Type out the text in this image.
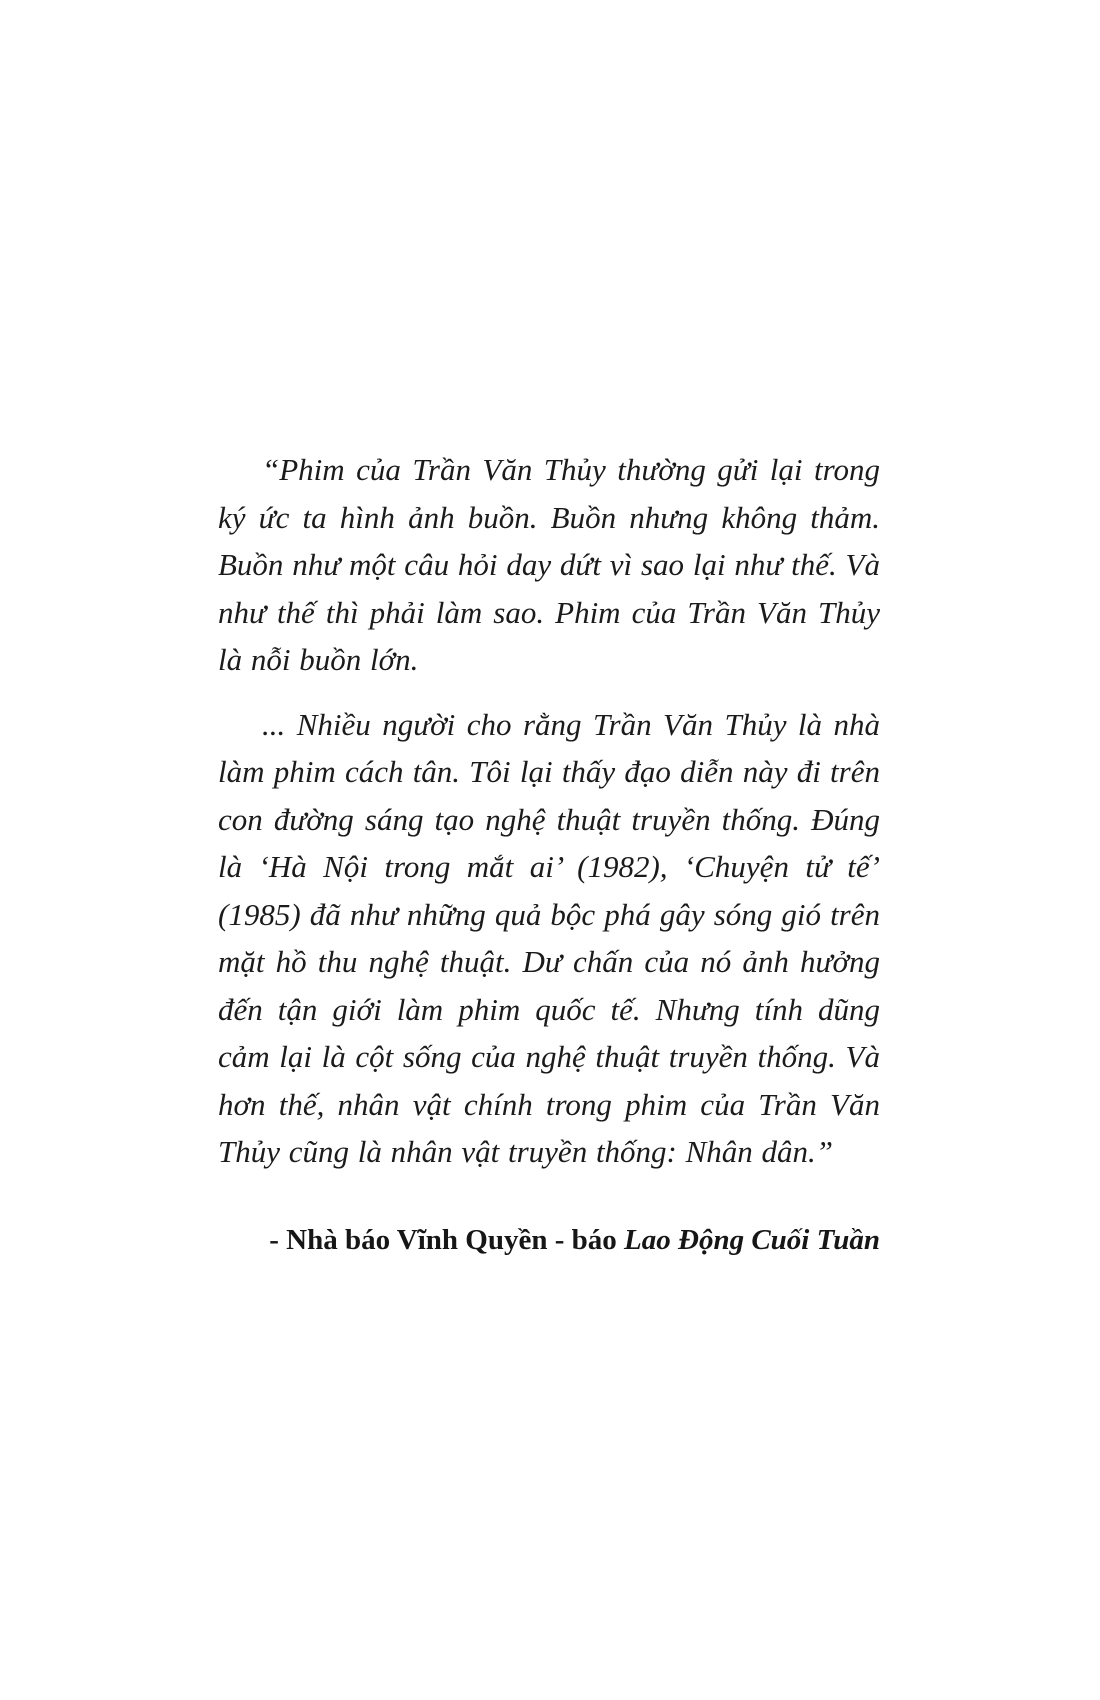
“Phim của Trần Văn Thủy thường gửi lại trong ký ức ta hình ảnh buồn. Buồn nhưng không thảm. Buồn như một câu hỏi day dứt vì sao lại như thế. Và như thế thì phải làm sao. Phim của Trần Văn Thủy là nỗi buồn lớn.

... Nhiều người cho rằng Trần Văn Thủy là nhà làm phim cách tân. Tôi lại thấy đạo diễn này đi trên con đường sáng tạo nghệ thuật truyền thống. Đúng là ‘Hà Nội trong mắt ai’ (1982), ‘Chuyện tử tế’ (1985) đã như những quả bộc phá gây sóng gió trên mặt hồ thu nghệ thuật. Dư chấn của nó ảnh hưởng đến tận giới làm phim quốc tế. Nhưng tính dũng cảm lại là cột sống của nghệ thuật truyền thống. Và hơn thế, nhân vật chính trong phim của Trần Văn Thủy cũng là nhân vật truyền thống: Nhân dân.”

- Nhà báo Vĩnh Quyền - báo Lao Động Cuối Tuần
